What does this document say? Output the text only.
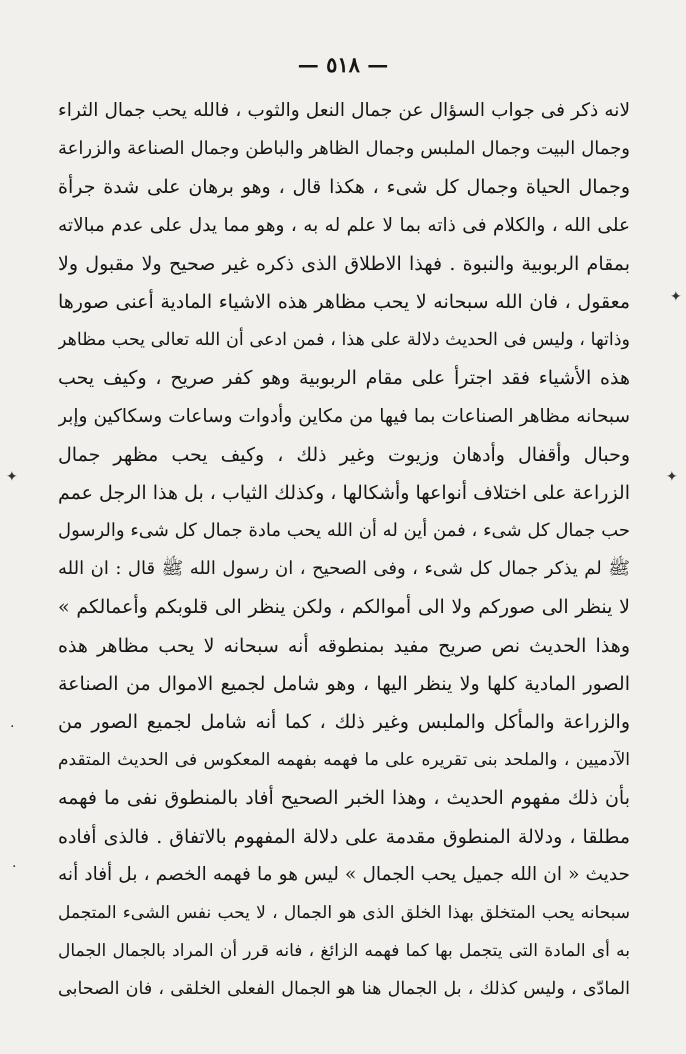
— ٥١٨ —
لانه ذكر فى جواب السؤال عن جمال النعل والثوب ، فالله يحب جمال الثراء
وجمال البيت وجمال الملبس وجمال الظاهر والباطن وجمال الصناعة والزراعة
وجمال الحياة وجمال كل شىء ، هكذا قال ، وهو برهان على شدة جرأة
على الله ، والكلام فى ذاته بما لا علم له به ، وهو مما يدل على عدم مبالاته
بمقام الربوبية والنبوة . فهذا الاطلاق الذى ذكره غير صحيح ولا مقبول ولا
معقول ، فان الله سبحانه لا يحب مظاهر هذه الاشياء المادية أعنى صورها
وذاتها ، وليس فى الحديث دلالة على هذا ، فمن ادعى أن الله تعالى يحب مظاهر
هذه الأشياء فقد اجترأ على مقام الربوبية وهو كفر صريح ، وكيف يحب
سبحانه مظاهر الصناعات بما فيها من مكاين وأدوات وساعات وسكاكين وإبر
وحبال وأقفال وأدهان وزيوت وغير ذلك ، وكيف يحب مظهر جمال
الزراعة على اختلاف أنواعها وأشكالها ، وكذلك الثياب ، بل هذا الرجل عمم
حب جمال كل شىء ، فمن أين له أن الله يحب مادة جمال كل شىء والرسول
ﷺ لم يذكر جمال كل شىء ، وفى الصحيح ، ان رسول الله ﷺ قال : ان الله
لا ينظر الى صوركم ولا الى أموالكم ، ولكن ينظر الى قلوبكم وأعمالكم »
وهذا الحديث نص صريح مفيد بمنطوقه أنه سبحانه لا يحب مظاهر هذه
الصور المادية كلها ولا ينظر اليها ، وهو شامل لجميع الاموال من الصناعة
والزراعة والمأكل والملبس وغير ذلك ، كما أنه شامل لجميع الصور من
الآدميين ، والملحد بنى تقريره على ما فهمه بفهمه المعكوس فى الحديث المتقدم
بأن ذلك مفهوم الحديث ، وهذا الخبر الصحيح أفاد بالمنطوق نفى ما فهمه
مطلقا ، ودلالة المنطوق مقدمة على دلالة المفهوم بالاتفاق . فالذى أفاده
حديث « ان الله جميل يحب الجمال » ليس هو ما فهمه الخصم ، بل أفاد أنه
سبحانه يحب المتخلق بهذا الخلق الذى هو الجمال ، لا يحب نفس الشىء المتجمل
به أى المادة التى يتجمل بها كما فهمه الزائغ ، فانه قرر أن المراد بالجمال الجمال
المادّى ، وليس كذلك ، بل الجمال هنا هو الجمال الفعلى الخلقى ، فان الصحابى
✦
✦	✦
·
·
